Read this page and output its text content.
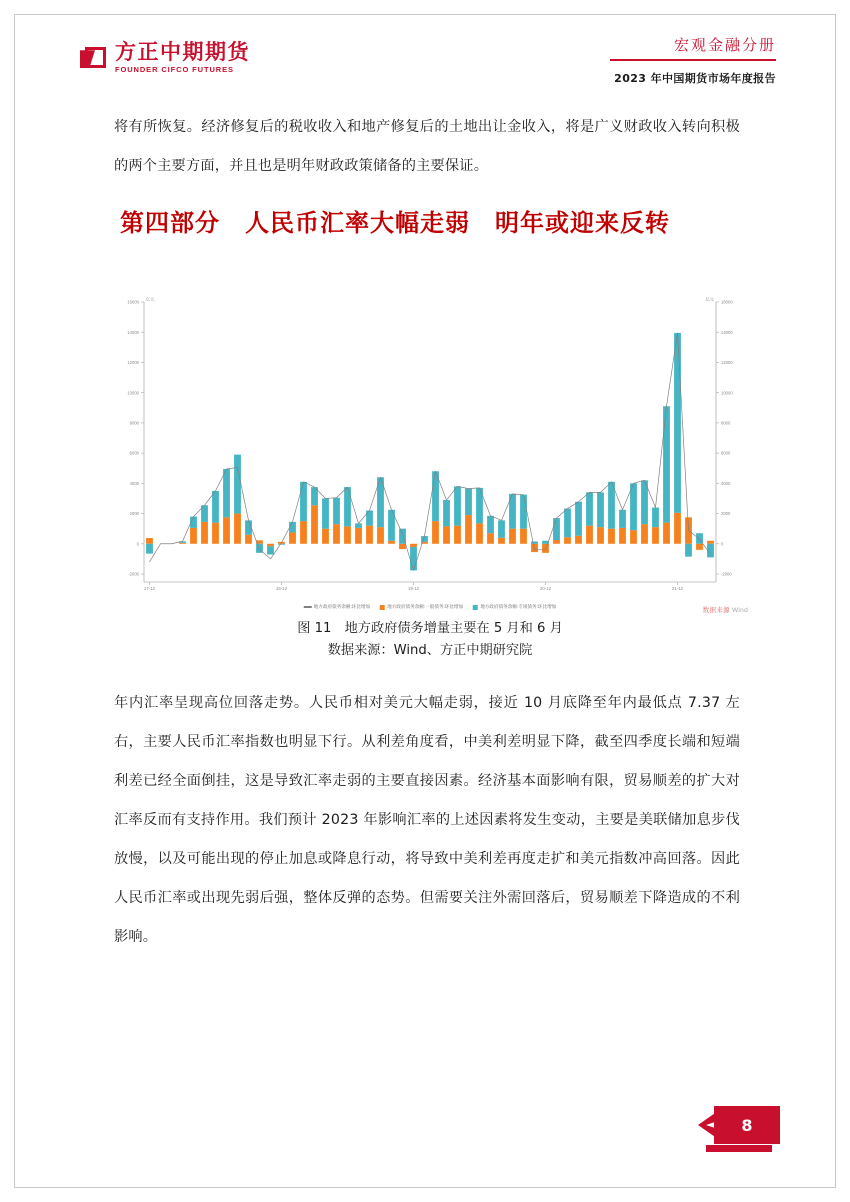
方正中期期货
FOUNDER CIFCO FUTURES
宏观金融分册
2023 年中国期货市场年度报告

将有所恢复。经济修复后的税收收入和地产修复后的土地出让金收入，将是广义财政收入转向积极的两个主要方面，并且也是明年财政政策储备的主要保证。

第四部分　人民币汇率大幅走弱　明年或迎来反转
-2000	-2000
0	0
2000	2000
4000	4000
6000	6000
8000	8000
10000	10000
12000	12000
14000	14000
16000	16000
亿元	亿元
17-12	18-12	19-12	20-12	21-12
地方政府债务余额:环比增加	地方政府债务余额:一般债务:环比增加	地方政府债务余额:专项债务:环比增加
数据来源 Wind
图 11　地方政府债务增量主要在 5 月和 6 月
数据来源：Wind、方正中期研究院

年内汇率呈现高位回落走势。人民币相对美元大幅走弱，接近 10 月底降至年内最低点 7.37 左右，主要人民币汇率指数也明显下行。从利差角度看，中美利差明显下降，截至四季度长端和短端利差已经全面倒挂，这是导致汇率走弱的主要直接因素。经济基本面影响有限，贸易顺差的扩大对汇率反而有支持作用。我们预计 2023 年影响汇率的上述因素将发生变动，主要是美联储加息步伐放慢，以及可能出现的停止加息或降息行动，将导致中美利差再度走扩和美元指数冲高回落。因此人民币汇率或出现先弱后强，整体反弹的态势。但需要关注外需回落后，贸易顺差下降造成的不利影响。

8
